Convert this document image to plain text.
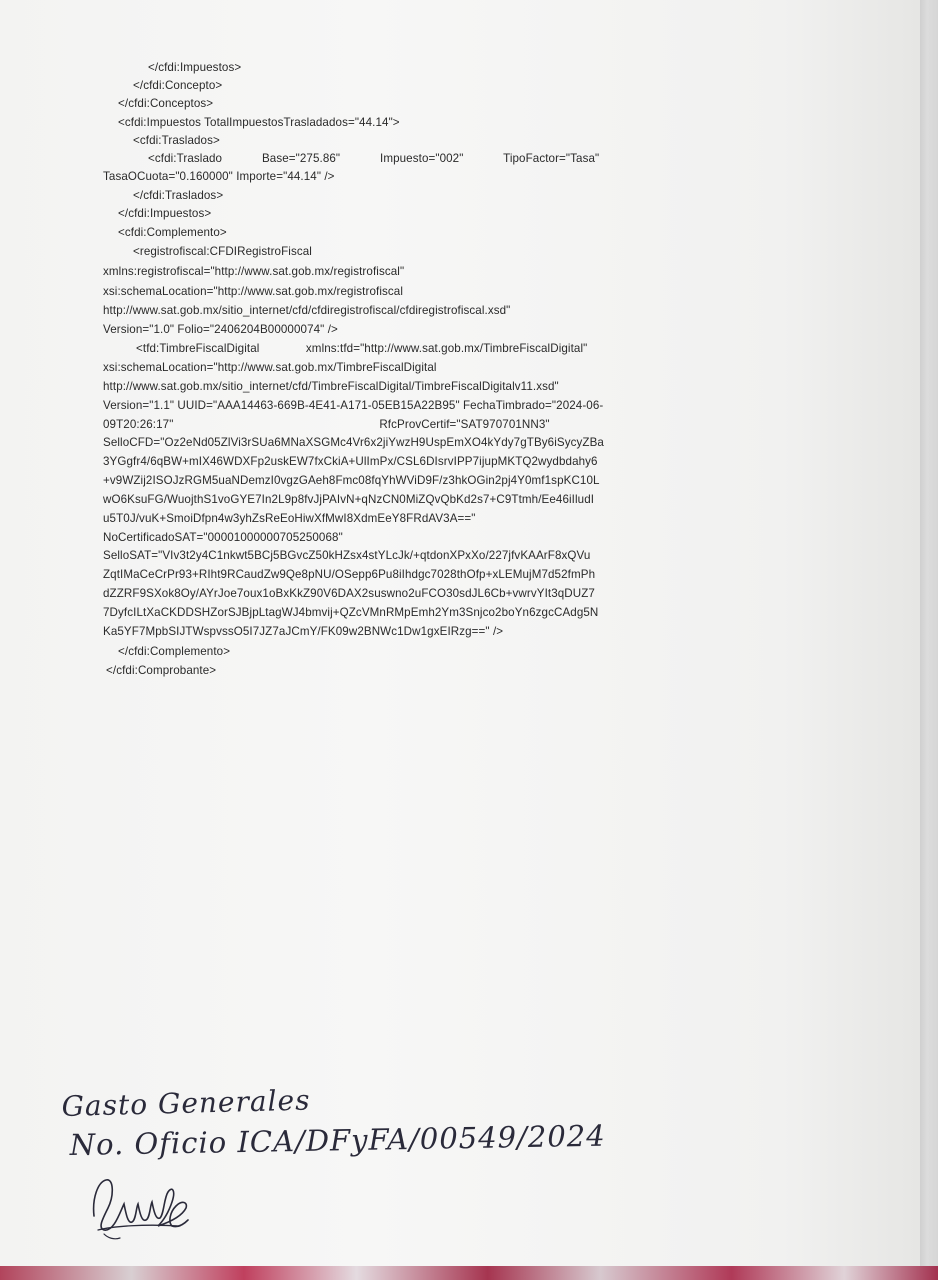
</cfdi:Impuestos>
</cfdi:Concepto>
</cfdi:Conceptos>
<cfdi:Impuestos TotalImpuestosTrasladados="44.14">
<cfdi:Traslados>
<cfdi:Traslado            Base="275.86"            Impuesto="002"            TipoFactor="Tasa"
TasaOCuota="0.160000" Importe="44.14" />
</cfdi:Traslados>
</cfdi:Impuestos>
<cfdi:Complemento>
<registrofiscal:CFDIRegistroFiscal
xmlns:registrofiscal="http://www.sat.gob.mx/registrofiscal"
xsi:schemaLocation="http://www.sat.gob.mx/registrofiscal
http://www.sat.gob.mx/sitio_internet/cfd/cfdiregistrofiscal/cfdiregistrofiscal.xsd"
Version="1.0" Folio="2406204B00000074" />
<tfd:TimbreFiscalDigital              xmlns:tfd="http://www.sat.gob.mx/TimbreFiscalDigital"
xsi:schemaLocation="http://www.sat.gob.mx/TimbreFiscalDigital
http://www.sat.gob.mx/sitio_internet/cfd/TimbreFiscalDigital/TimbreFiscalDigitalv11.xsd"
Version="1.1" UUID="AAA14463-669B-4E41-A171-05EB15A22B95" FechaTimbrado="2024-06-
09T20:26:17"                                                              RfcProvCertif="SAT970701NN3"
SelloCFD="Oz2eNd05ZlVi3rSUa6MNaXSGMc4Vr6x2jiYwzH9UspEmXO4kYdy7gTBy6iSycyZBa
3YGgfr4/6qBW+mIX46WDXFp2uskEW7fxCkiA+UlImPx/CSL6DIsrvIPP7ijupMKTQ2wydbdahy6
+v9WZij2ISOJzRGM5uaNDemzI0vgzGAeh8Fmc08fqYhWViD9F/z3hkOGin2pj4Y0mf1spKC10L
wO6KsuFG/WuojthS1voGYE7In2L9p8fvJjPAIvN+qNzCN0MiZQvQbKd2s7+C9Ttmh/Ee46iIludI
u5T0J/vuK+SmoiDfpn4w3yhZsReEoHiwXfMwI8XdmEeY8FRdAV3A=="
NoCertificadoSAT="00001000000705250068"
SelloSAT="VIv3t2y4C1nkwt5BCj5BGvcZ50kHZsx4stYLcJk/+qtdonXPxXo/227jfvKAArF8xQVu
ZqtIMaCeCrPr93+RIht9RCaudZw9Qe8pNU/OSepp6Pu8iIhdgc7028thOfp+xLEMujM7d52fmPh
dZZRF9SXok8Oy/AYrJoe7oux1oBxKkZ90V6DAX2suswno2uFCO30sdJL6Cb+vwrvYIt3qDUZ7
7DyfcILtXaCKDDSHZorSJBjpLtagWJ4bmvij+QZcVMnRMpEmh2Ym3Snjco2boYn6zgcCAdg5N
Ka5YF7MpbSIJTWspvssO5I7JZ7aJCmY/FK09w2BNWc1Dw1gxEIRzg==" />
</cfdi:Complemento>
</cfdi:Comprobante>
Gasto Generales
No. Oficio ICA/DFyFA/00549/2024
